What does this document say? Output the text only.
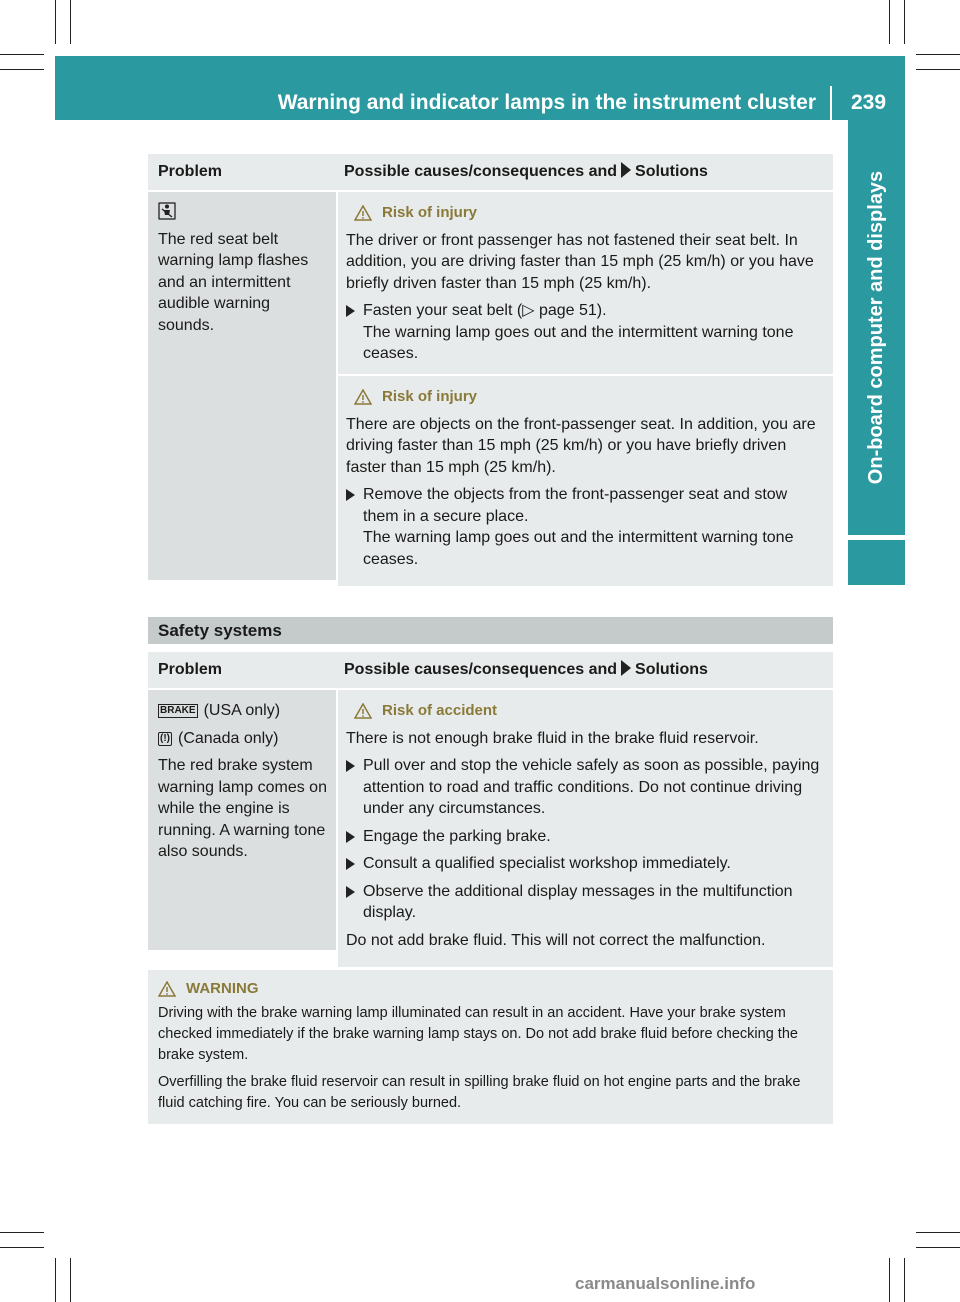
Warning and indicator lamps in the instrument cluster	239
On-board computer and displays
Problem	Possible causes/consequences and Solutions
The red seat belt warning lamp flashes and an intermittent audible warning sounds.
Risk of injury

The driver or front passenger has not fastened their seat belt. In addition, you are driving faster than 15 mph (25 km/h) or you have briefly driven faster than 15 mph (25 km/h).

Fasten your seat belt (▷ page 51).
The warning lamp goes out and the intermittent warning tone ceases.
Risk of injury

There are objects on the front-passenger seat. In addition, you are driving faster than 15 mph (25 km/h) or you have briefly driven faster than 15 mph (25 km/h).

Remove the objects from the front-passenger seat and stow them in a secure place.
The warning lamp goes out and the intermittent warning tone ceases.
Safety systems
Problem	Possible causes/consequences and Solutions
BRAKE (USA only)
(!) (Canada only)
The red brake system warning lamp comes on while the engine is running. A warning tone also sounds.
Risk of accident

There is not enough brake fluid in the brake fluid reservoir.

Pull over and stop the vehicle safely as soon as possible, paying attention to road and traffic conditions. Do not continue driving under any circumstances.
Engage the parking brake.
Consult a qualified specialist workshop immediately.
Observe the additional display messages in the multifunction display.

Do not add brake fluid. This will not correct the malfunction.

WARNING

Driving with the brake warning lamp illuminated can result in an accident. Have your brake system checked immediately if the brake warning lamp stays on. Do not add brake fluid before checking the brake system.

Overfilling the brake fluid reservoir can result in spilling brake fluid on hot engine parts and the brake fluid catching fire. You can be seriously burned.

carmanualsonline.info
